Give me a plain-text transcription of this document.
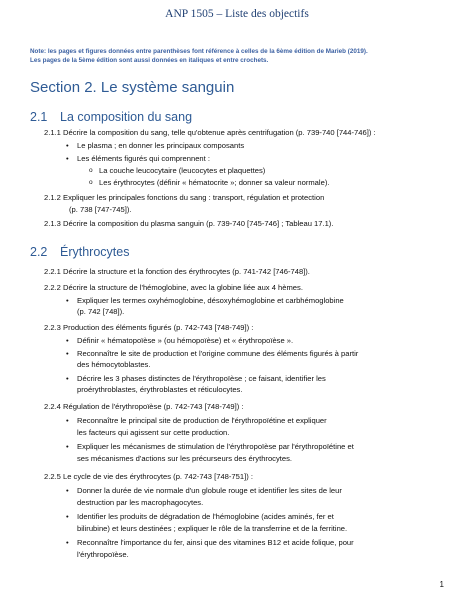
ANP 1505 – Liste des objectifs
Note: les pages et figures données entre parenthèses font référence à celles de la 6ème édition de Marieb (2019).
Les pages de la 5ème édition sont aussi données en italiques et entre crochets.
Section 2. Le système sanguin
2.1 La composition du sang
2.1.1 Décrire la composition du sang, telle qu'obtenue après centrifugation (p. 739-740 [744-746]) :
• Le plasma ; en donner les principaux composants
• Les éléments figurés qui comprennent :
o La couche leucocytaire (leucocytes et plaquettes)
o Les érythrocytes (définir « hématocrite »; donner sa valeur normale).
2.1.2 Expliquer les principales fonctions du sang : transport, régulation et protection
(p. 738 [747-745]).
2.1.3 Décrire la composition du plasma sanguin (p. 739-740 [745-746] ; Tableau 17.1).
2.2 Érythrocytes
2.2.1 Décrire la structure et la fonction des érythrocytes (p. 741-742 [746-748]).
2.2.2 Décrire la structure de l'hémoglobine, avec la globine liée aux 4 hèmes.
• Expliquer les termes oxyhémoglobine, désoxyhémoglobine et carbhémoglobine
(p. 742 [748]).
2.2.3 Production des éléments figurés (p. 742-743 [748-749]) :
• Définir « hématopoïèse » (ou hémopoïèse) et « érythropoïèse ».
• Reconnaître le site de production et l'origine commune des éléments figurés à partir
des hémocytoblastes.
• Décrire les 3 phases distinctes de l'érythropoïèse ; ce faisant, identifier les
proérythroblastes, érythroblastes et réticulocytes.
2.2.4 Régulation de l'érythropoïèse (p. 742-743 [748-749]) :
• Reconnaître le principal site de production de l'érythropoïétine et expliquer
les facteurs qui agissent sur cette production.
• Expliquer les mécanismes de stimulation de l'érythropoïèse par l'érythropoïétine et
ses mécanismes d'actions sur les précurseurs des érythrocytes.
2.2.5 Le cycle de vie des érythrocytes (p. 742-743 [748-751]) :
• Donner la durée de vie normale d'un globule rouge et identifier les sites de leur
destruction par les macrophagocytes.
• Identifier les produits de dégradation de l'hémoglobine (acides aminés, fer et
bilirubine) et leurs destinées ; expliquer le rôle de la transferrine et de la ferritine.
• Reconnaître l'importance du fer, ainsi que des vitamines B12 et acide folique, pour
l'érythropoïèse.
1
